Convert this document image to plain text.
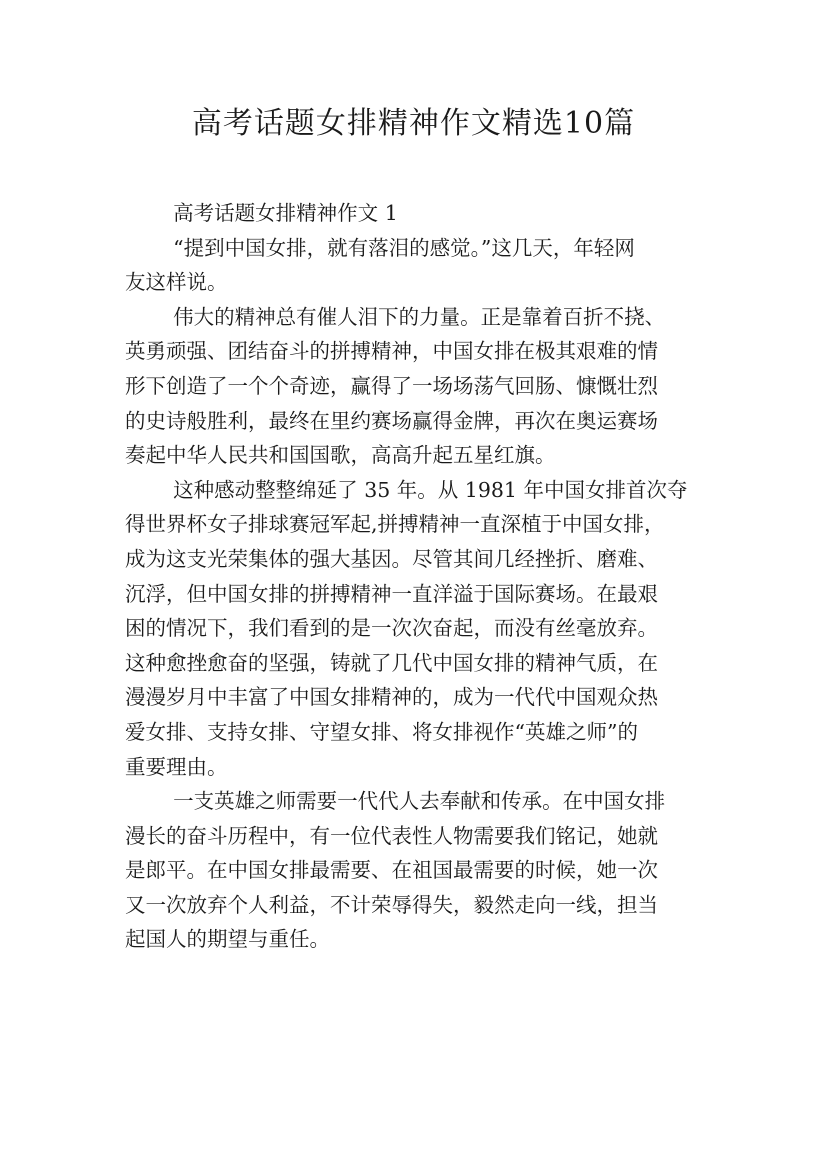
高考话题女排精神作文精选10篇

高考话题女排精神作文 1

“提到中国女排，就有落泪的感觉。”这几天，年轻网
友这样说。

伟大的精神总有催人泪下的力量。正是靠着百折不挠、
英勇顽强、团结奋斗的拼搏精神，中国女排在极其艰难的情
形下创造了一个个奇迹，赢得了一场场荡气回肠、慷慨壮烈
的史诗般胜利，最终在里约赛场赢得金牌，再次在奥运赛场
奏起中华人民共和国国歌，高高升起五星红旗。

这种感动整整绵延了 35 年。从 1981 年中国女排首次夺
得世界杯女子排球赛冠军起,拼搏精神一直深植于中国女排，
成为这支光荣集体的强大基因。尽管其间几经挫折、磨难、
沉浮，但中国女排的拼搏精神一直洋溢于国际赛场。在最艰
困的情况下，我们看到的是一次次奋起，而没有丝毫放弃。
这种愈挫愈奋的坚强，铸就了几代中国女排的精神气质，在
漫漫岁月中丰富了中国女排精神的，成为一代代中国观众热
爱女排、支持女排、守望女排、将女排视作“英雄之师”的
重要理由。

一支英雄之师需要一代代人去奉献和传承。在中国女排
漫长的奋斗历程中，有一位代表性人物需要我们铭记，她就
是郎平。在中国女排最需要、在祖国最需要的时候，她一次
又一次放弃个人利益，不计荣辱得失，毅然走向一线，担当
起国人的期望与重任。
